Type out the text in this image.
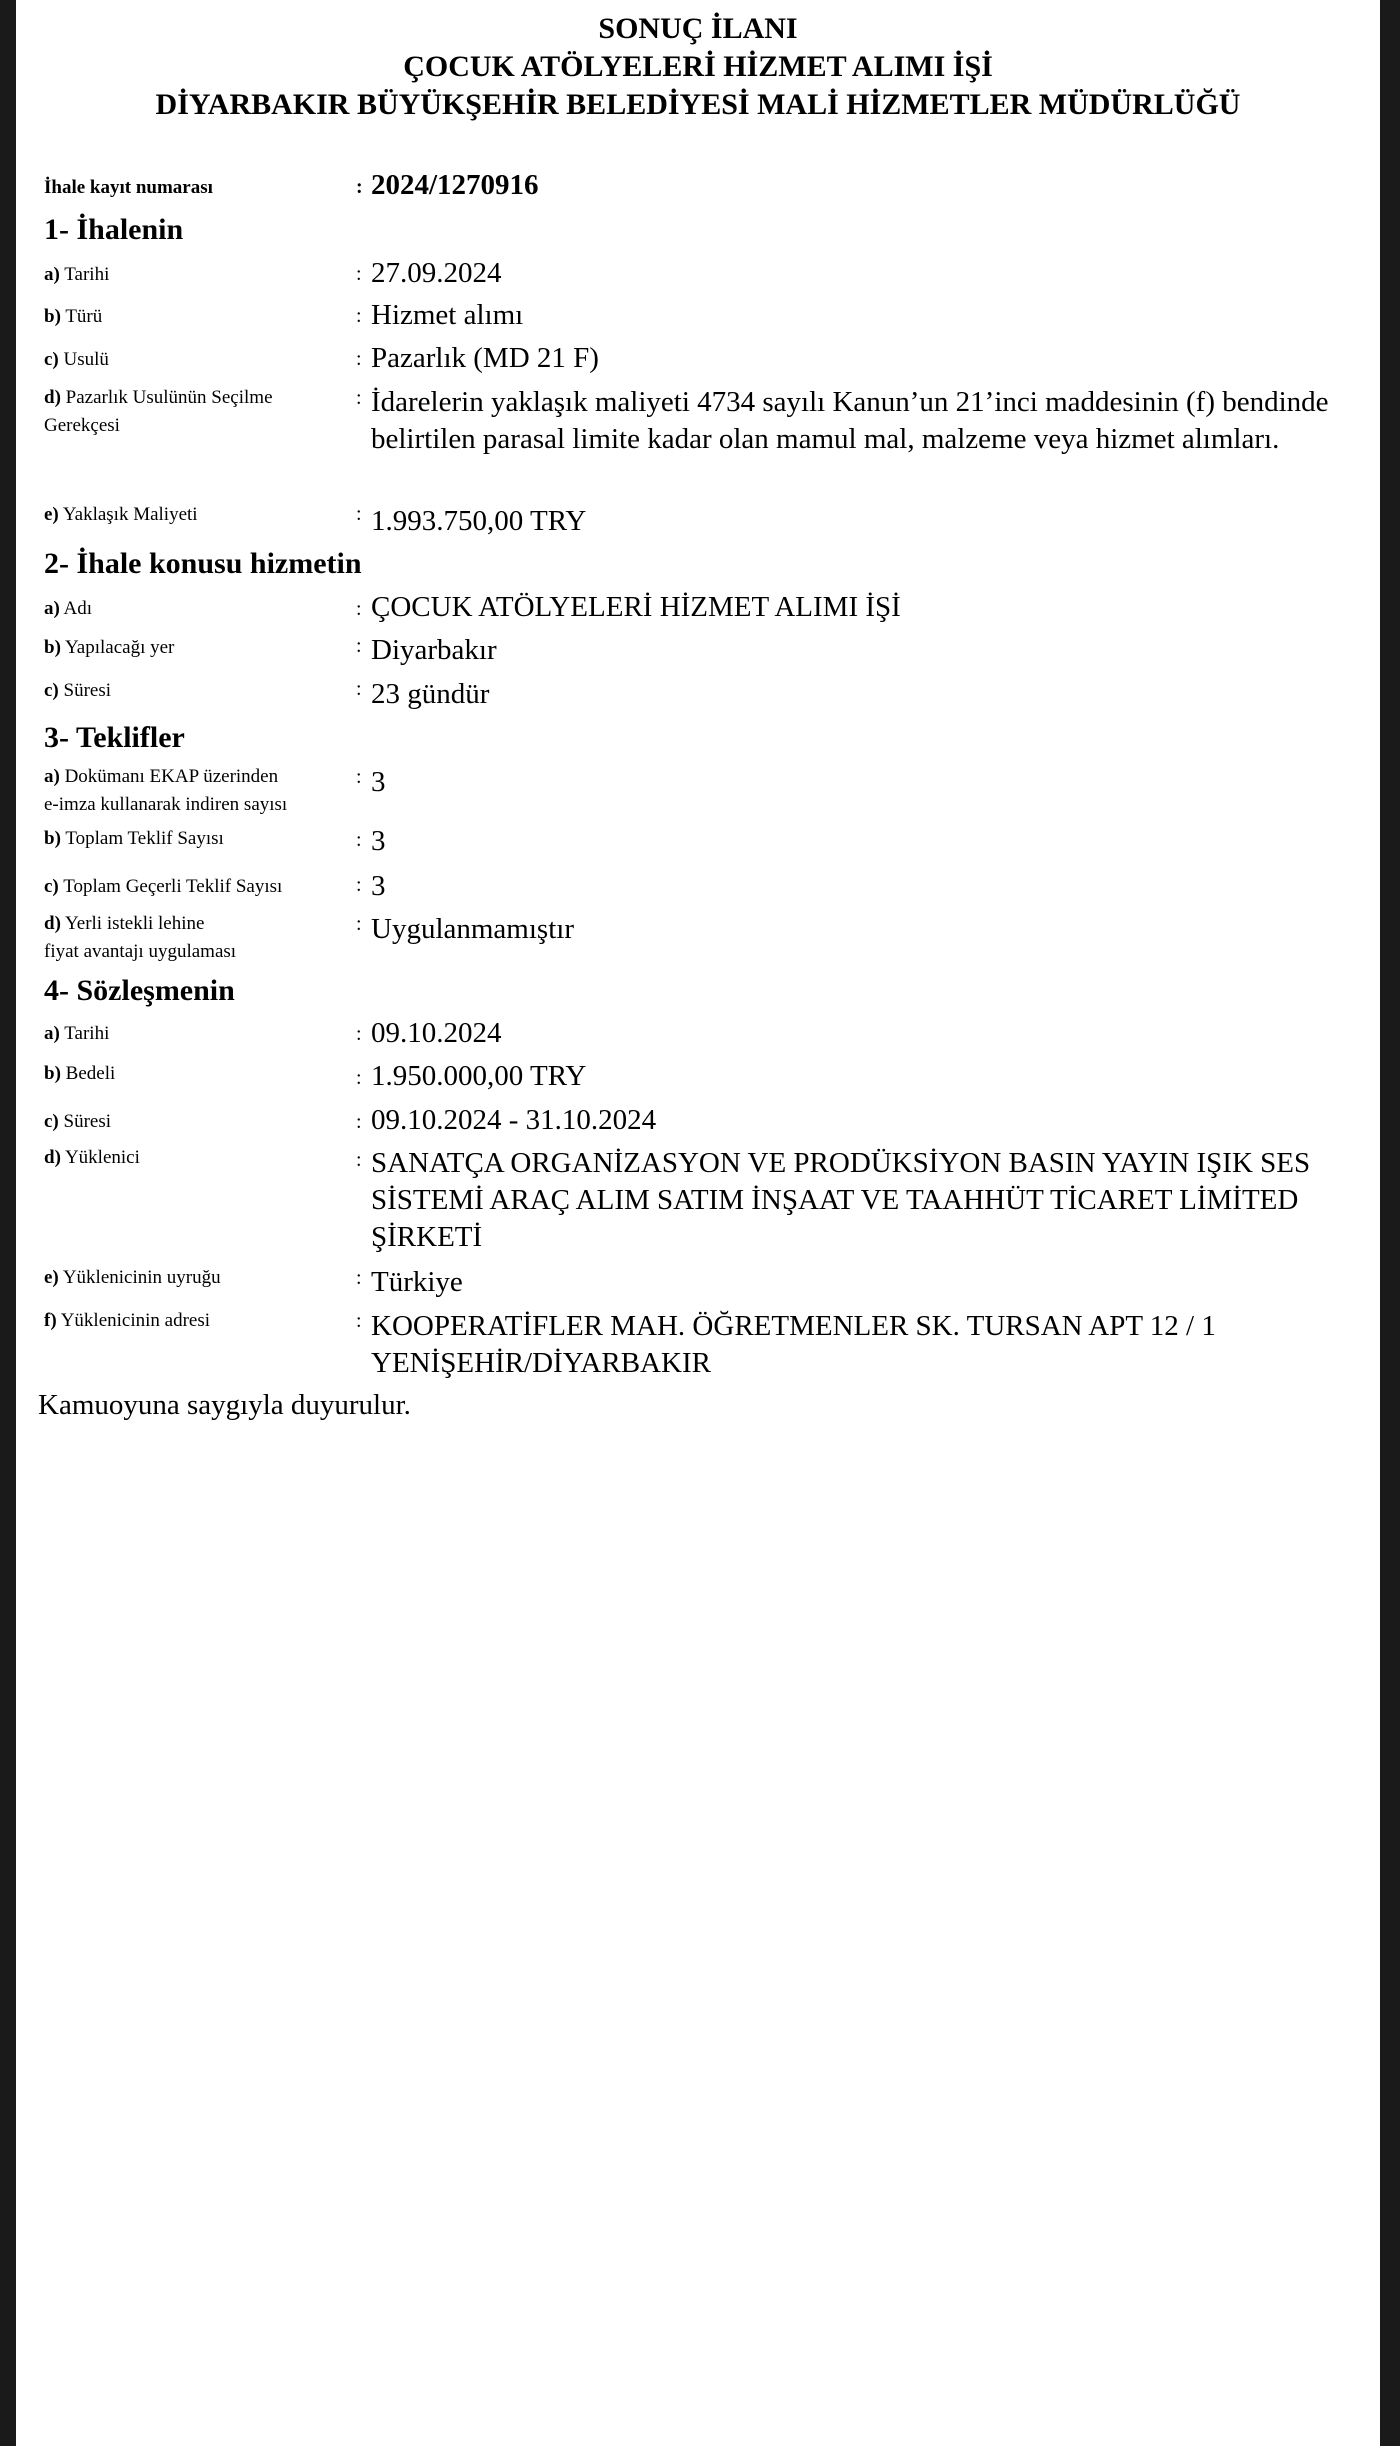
SONUÇ İLANI
ÇOCUK ATÖLYELERİ HİZMET ALIMI İŞİ
DİYARBAKIR BÜYÜKŞEHİR BELEDİYESİ MALİ HİZMETLER MÜDÜRLÜĞÜ
İhale kayıt numarası	: 2024/1270916
1- İhalenin
a) Tarihi	: 27.09.2024
b) Türü	: Hizmet alımı
c) Usulü	: Pazarlık (MD 21 F)
d) Pazarlık Usulünün Seçilme
Gerekçesi
: İdarelerin yaklaşık maliyeti 4734 sayılı Kanun’un 21’inci maddesinin (f) bendinde belirtilen parasal limite kadar olan mamul mal, malzeme veya hizmet alımları.
e) Yaklaşık Maliyeti	: 1.993.750,00 TRY
2- İhale konusu hizmetin
a) Adı	: ÇOCUK ATÖLYELERİ HİZMET ALIMI İŞİ
b) Yapılacağı yer	: Diyarbakır
c) Süresi	: 23 gündür
3- Teklifler
a) Dokümanı EKAP üzerinden
e-imza kullanarak indiren sayısı
: 3
b) Toplam Teklif Sayısı	: 3
c) Toplam Geçerli Teklif Sayısı	: 3
d) Yerli istekli lehine
fiyat avantajı uygulaması
: Uygulanmamıştır
4- Sözleşmenin
a) Tarihi	: 09.10.2024
b) Bedeli	: 1.950.000,00 TRY
c) Süresi	: 09.10.2024 - 31.10.2024
d) Yüklenici	: SANATÇA ORGANİZASYON VE PRODÜKSİYON BASIN YAYIN IŞIK SES SİSTEMİ ARAÇ ALIM SATIM İNŞAAT VE TAAHHÜT TİCARET LİMİTED ŞİRKETİ
e) Yüklenicinin uyruğu	: Türkiye
f) Yüklenicinin adresi	: KOOPERATİFLER MAH. ÖĞRETMENLER SK. TURSAN APT 12 / 1 YENİŞEHİR/DİYARBAKIR
Kamuoyuna saygıyla duyurulur.
